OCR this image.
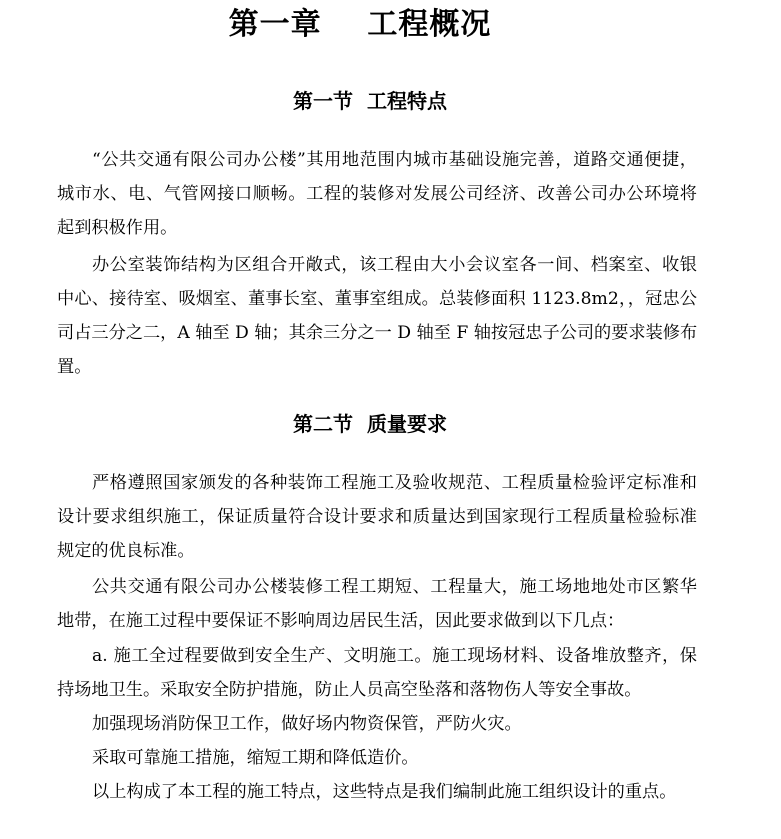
第一章    工程概况
第一节  工程特点
“公共交通有限公司办公楼”其用地范围内城市基础设施完善，道路交通便捷，
城市水、电、气管网接口顺畅。工程的装修对发展公司经济、改善公司办公环境将
起到积极作用。
办公室装饰结构为区组合开敞式，该工程由大小会议室各一间、档案室、收银
中心、接待室、吸烟室、董事长室、董事室组成。总装修面积 1123.8m2，，冠忠公
司占三分之二，A 轴至 D 轴；其余三分之一 D 轴至 F 轴按冠忠子公司的要求装修布
置。
第二节  质量要求
严格遵照国家颁发的各种装饰工程施工及验收规范、工程质量检验评定标准和
设计要求组织施工，保证质量符合设计要求和质量达到国家现行工程质量检验标准
规定的优良标准。
公共交通有限公司办公楼装修工程工期短、工程量大，施工场地地处市区繁华
地带，在施工过程中要保证不影响周边居民生活，因此要求做到以下几点：
a. 施工全过程要做到安全生产、文明施工。施工现场材料、设备堆放整齐，保
持场地卫生。采取安全防护措施，防止人员高空坠落和落物伤人等安全事故。
加强现场消防保卫工作，做好场内物资保管，严防火灾。
采取可靠施工措施，缩短工期和降低造价。
以上构成了本工程的施工特点，这些特点是我们编制此施工组织设计的重点。
